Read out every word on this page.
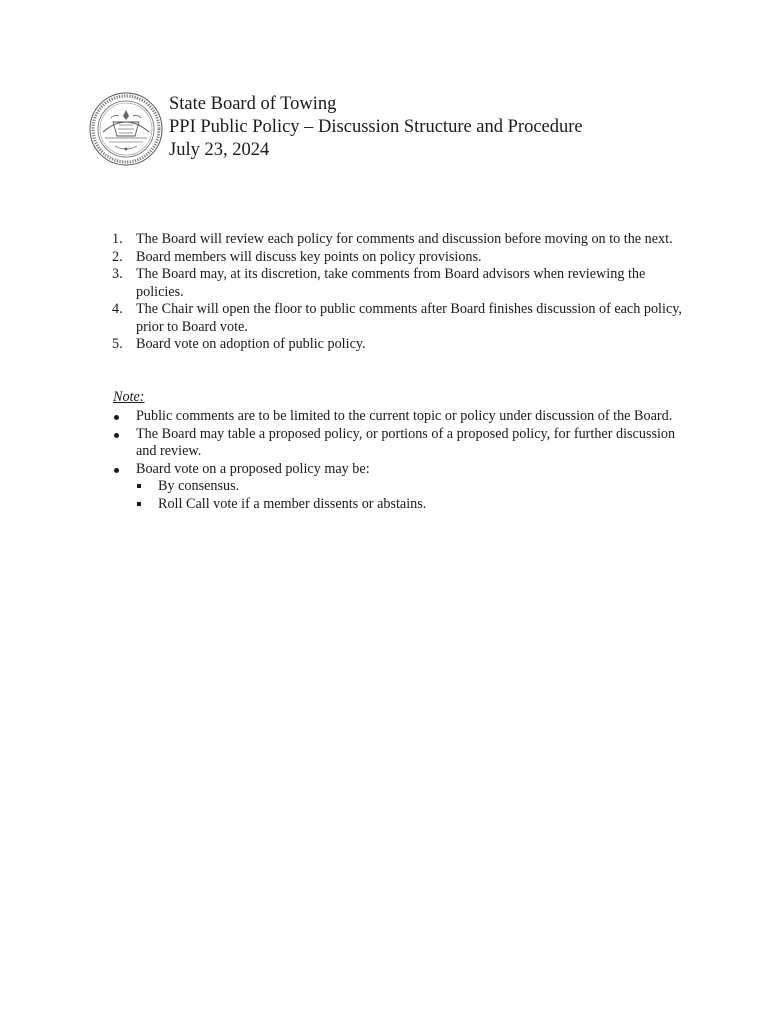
State Board of Towing
PPI Public Policy – Discussion Structure and Procedure
July 23, 2024
1. The Board will review each policy for comments and discussion before moving on to the next.
2. Board members will discuss key points on policy provisions.
3. The Board may, at its discretion, take comments from Board advisors when reviewing the policies.
4. The Chair will open the floor to public comments after Board finishes discussion of each policy, prior to Board vote.
5. Board vote on adoption of public policy.
Note:
Public comments are to be limited to the current topic or policy under discussion of the Board.
The Board may table a proposed policy, or portions of a proposed policy, for further discussion and review.
Board vote on a proposed policy may be:
By consensus.
Roll Call vote if a member dissents or abstains.
